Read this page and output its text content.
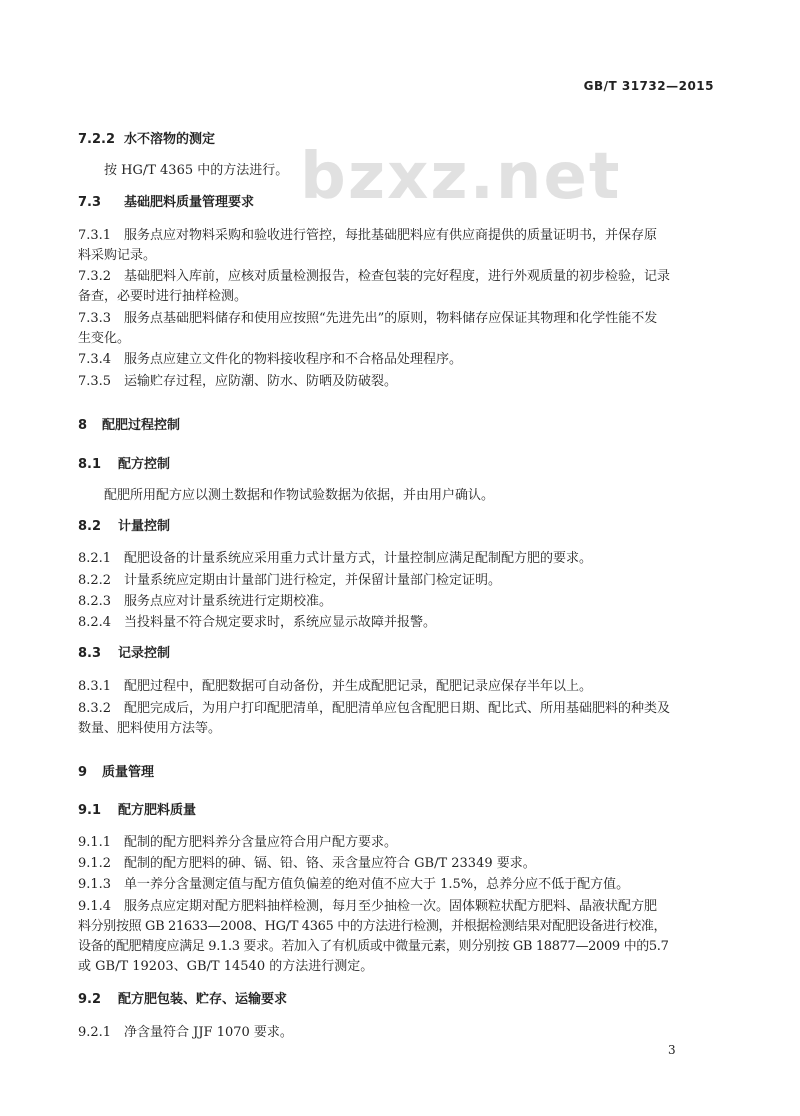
GB/T 31732—2015
bzxz.net
7.2.2 水不溶物的测定
按 HG/T 4365 中的方法进行。
7.3 基础肥料质量管理要求
7.3.1 服务点应对物料采购和验收进行管控，每批基础肥料应有供应商提供的质量证明书，并保存原
料采购记录。
7.3.2 基础肥料入库前，应核对质量检测报告，检查包装的完好程度，进行外观质量的初步检验，记录
备查，必要时进行抽样检测。
7.3.3 服务点基础肥料储存和使用应按照“先进先出”的原则，物料储存应保证其物理和化学性能不发
生变化。
7.3.4 服务点应建立文件化的物料接收程序和不合格品处理程序。
7.3.5 运输贮存过程，应防潮、防水、防晒及防破裂。
8 配肥过程控制
8.1 配方控制
配肥所用配方应以测土数据和作物试验数据为依据，并由用户确认。
8.2 计量控制
8.2.1 配肥设备的计量系统应采用重力式计量方式，计量控制应满足配制配方肥的要求。
8.2.2 计量系统应定期由计量部门进行检定，并保留计量部门检定证明。
8.2.3 服务点应对计量系统进行定期校准。
8.2.4 当投料量不符合规定要求时，系统应显示故障并报警。
8.3 记录控制
8.3.1 配肥过程中，配肥数据可自动备份，并生成配肥记录，配肥记录应保存半年以上。
8.3.2 配肥完成后，为用户打印配肥清单，配肥清单应包含配肥日期、配比式、所用基础肥料的种类及
数量、肥料使用方法等。
9 质量管理
9.1 配方肥料质量
9.1.1 配制的配方肥料养分含量应符合用户配方要求。
9.1.2 配制的配方肥料的砷、镉、铅、铬、汞含量应符合 GB/T 23349 要求。
9.1.3 单一养分含量测定值与配方值负偏差的绝对值不应大于 1.5%，总养分应不低于配方值。
9.1.4 服务点应定期对配方肥料抽样检测，每月至少抽检一次。固体颗粒状配方肥料、晶液状配方肥
料分别按照 GB 21633—2008、HG/T 4365 中的方法进行检测，并根据检测结果对配肥设备进行校准，
设备的配肥精度应满足 9.1.3 要求。若加入了有机质或中微量元素，则分别按 GB 18877—2009 中的5.7
或 GB/T 19203、GB/T 14540 的方法进行测定。
9.2 配方肥包装、贮存、运输要求
9.2.1 净含量符合 JJF 1070 要求。
3
